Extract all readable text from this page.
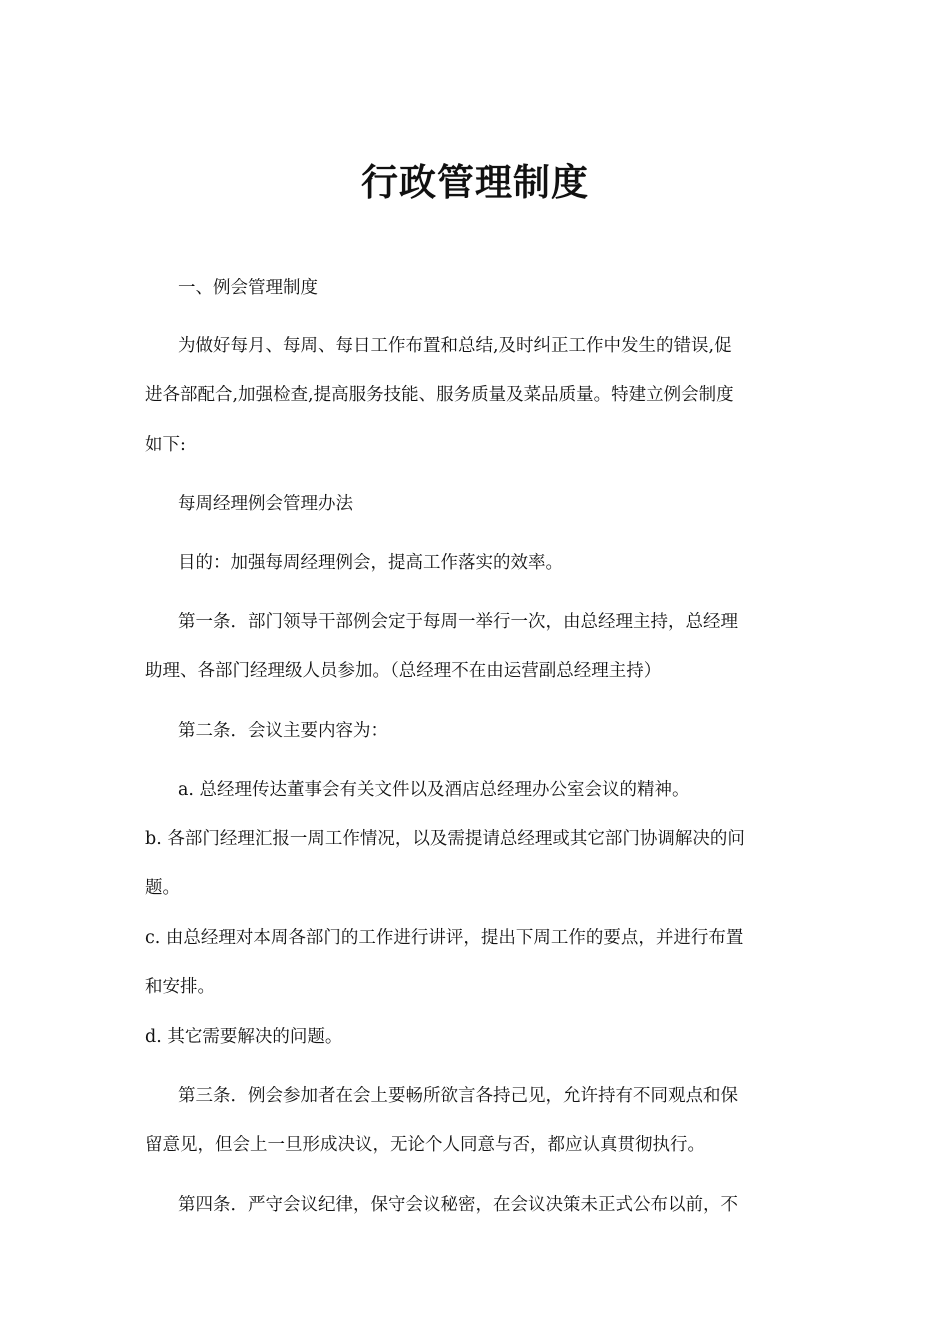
行政管理制度

一、例会管理制度

为做好每月、每周、每日工作布置和总结,及时纠正工作中发生的错误,促

进各部配合,加强检查,提高服务技能、服务质量及菜品质量。特建立例会制度

如下:

每周经理例会管理办法

目的：加强每周经理例会，提高工作落实的效率。

第一条．部门领导干部例会定于每周一举行一次，由总经理主持，总经理

助理、各部门经理级人员参加。（总经理不在由运营副总经理主持）

第二条．会议主要内容为：

a. 总经理传达董事会有关文件以及酒店总经理办公室会议的精神。

b. 各部门经理汇报一周工作情况，以及需提请总经理或其它部门协调解决的问

题。

c. 由总经理对本周各部门的工作进行讲评，提出下周工作的要点，并进行布置

和安排。

d. 其它需要解决的问题。

第三条．例会参加者在会上要畅所欲言各持己见，允许持有不同观点和保

留意见，但会上一旦形成决议，无论个人同意与否，都应认真贯彻执行。

第四条．严守会议纪律，保守会议秘密，在会议决策未正式公布以前，不
